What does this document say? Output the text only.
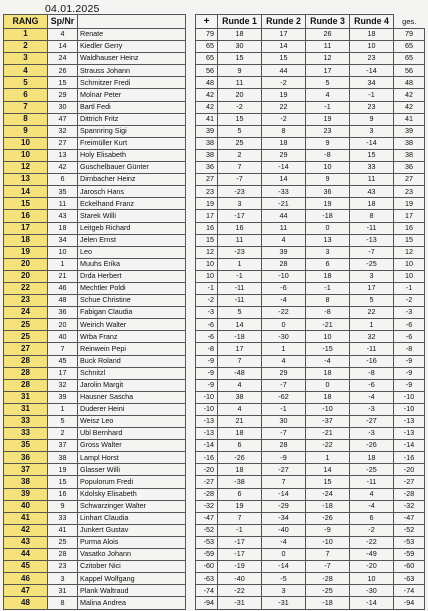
04.01.2025
RANG	Sp/Nr			+	Runde 1	Runde 2	Runde 3	Runde 4	ges.
1	4	Renate		79	18	17	26	18	79
2	14	Kiedler Gerry		65	30	14	11	10	65
3	24	Waldhauser Heinz		65	15	15	12	23	65
4	26	Strauss Johann		56	9	44	17	-14	56
5	15	Schmitzer Fredi		48	11	-2	5	34	48
6	29	Molnar Peter		42	20	19	4	-1	42
7	30	Bartl Fedi		42	-2	22	-1	23	42
8	47	Dittrich Fritz		41	15	-2	19	9	41
9	32	Spannring Sigi		39	5	8	23	3	39
10	27	Freimüller Kurt		38	25	18	9	-14	38
10	13	Holy Elisabeth		38	2	29	-8	15	38
12	42	Guschelbauer Günter		36	7	-14	10	33	36
13	6	Dirnbacher Heinz		27	-7	14	9	11	27
14	35	Jarosch Hans		23	-23	-33	36	43	23
15	11	Eckelhand Franz		19	3	-21	19	18	19
16	43	Starek Willi		17	-17	44	-18	8	17
17	18	Leitgeb Richard		16	16	11	0	-11	16
18	34	Jelen Ernst		15	11	4	13	-13	15
19	10	Leo		12	-23	39	3	-7	12
20	1	Muuhs Erika		10	1	28	6	-25	10
20	21	Drda Herbert		10	-1	-10	18	3	10
22	46	Mechtler Poldi		-1	-11	-6	-1	17	-1
23	48	Schue Christine		-2	-11	-4	8	5	-2
24	36	Fabigan Claudia		-3	5	-22	-8	22	-3
25	20	Weirich Walter		-6	14	0	-21	1	-6
25	40	Wrba Franz		-6	-18	-30	10	32	-6
27	7	Reinwein Pepi		-8	17	1	-15	-11	-8
28	45	Buck Roland		-9	7	4	-4	-16	-9
28	17	Schnitzl		-9	-48	29	18	-8	-9
28	32	Jarolin Margit		-9	4	-7	0	-6	-9
31	39	Hausner Sascha		-10	38	-62	18	-4	-10
31	1	Duderer Heini		-10	4	-1	-10	-3	-10
33	5	Weisz Leo		-13	21	30	-37	-27	-13
33	2	Ubl Bernhard		-13	18	-7	-21	-3	-13
35	37	Gross Walter		-14	6	28	-22	-26	-14
36	38	Lampl Horst		-16	-26	-9	1	18	-16
37	19	Glasser Willi		-20	18	-27	14	-25	-20
38	15	Populorum Fredi		-27	-38	7	15	-11	-27
39	16	Kdolsky Elisabeth		-28	6	-14	-24	4	-28
40	9	Schwarzinger Walter		-32	19	-29	-18	-4	-32
41	33	Linhart Claudia		-47	7	-34	-26	6	-47
42	41	Junkert Gustav		-52	-1	-40	-9	-2	-52
43	25	Purma Alois		-53	-17	-4	-10	-22	-53
44	28	Vasatko Johann		-59	-17	0	7	-49	-59
45	23	Czitober Nici		-60	-19	-14	-7	-20	-60
46	3	Kappel Wolfgang		-63	-40	-5	-28	10	-63
47	31	Plank Waltraud		-74	-22	3	-25	-30	-74
48	8	Malina Andrea		-94	-31	-31	-18	-14	-94
